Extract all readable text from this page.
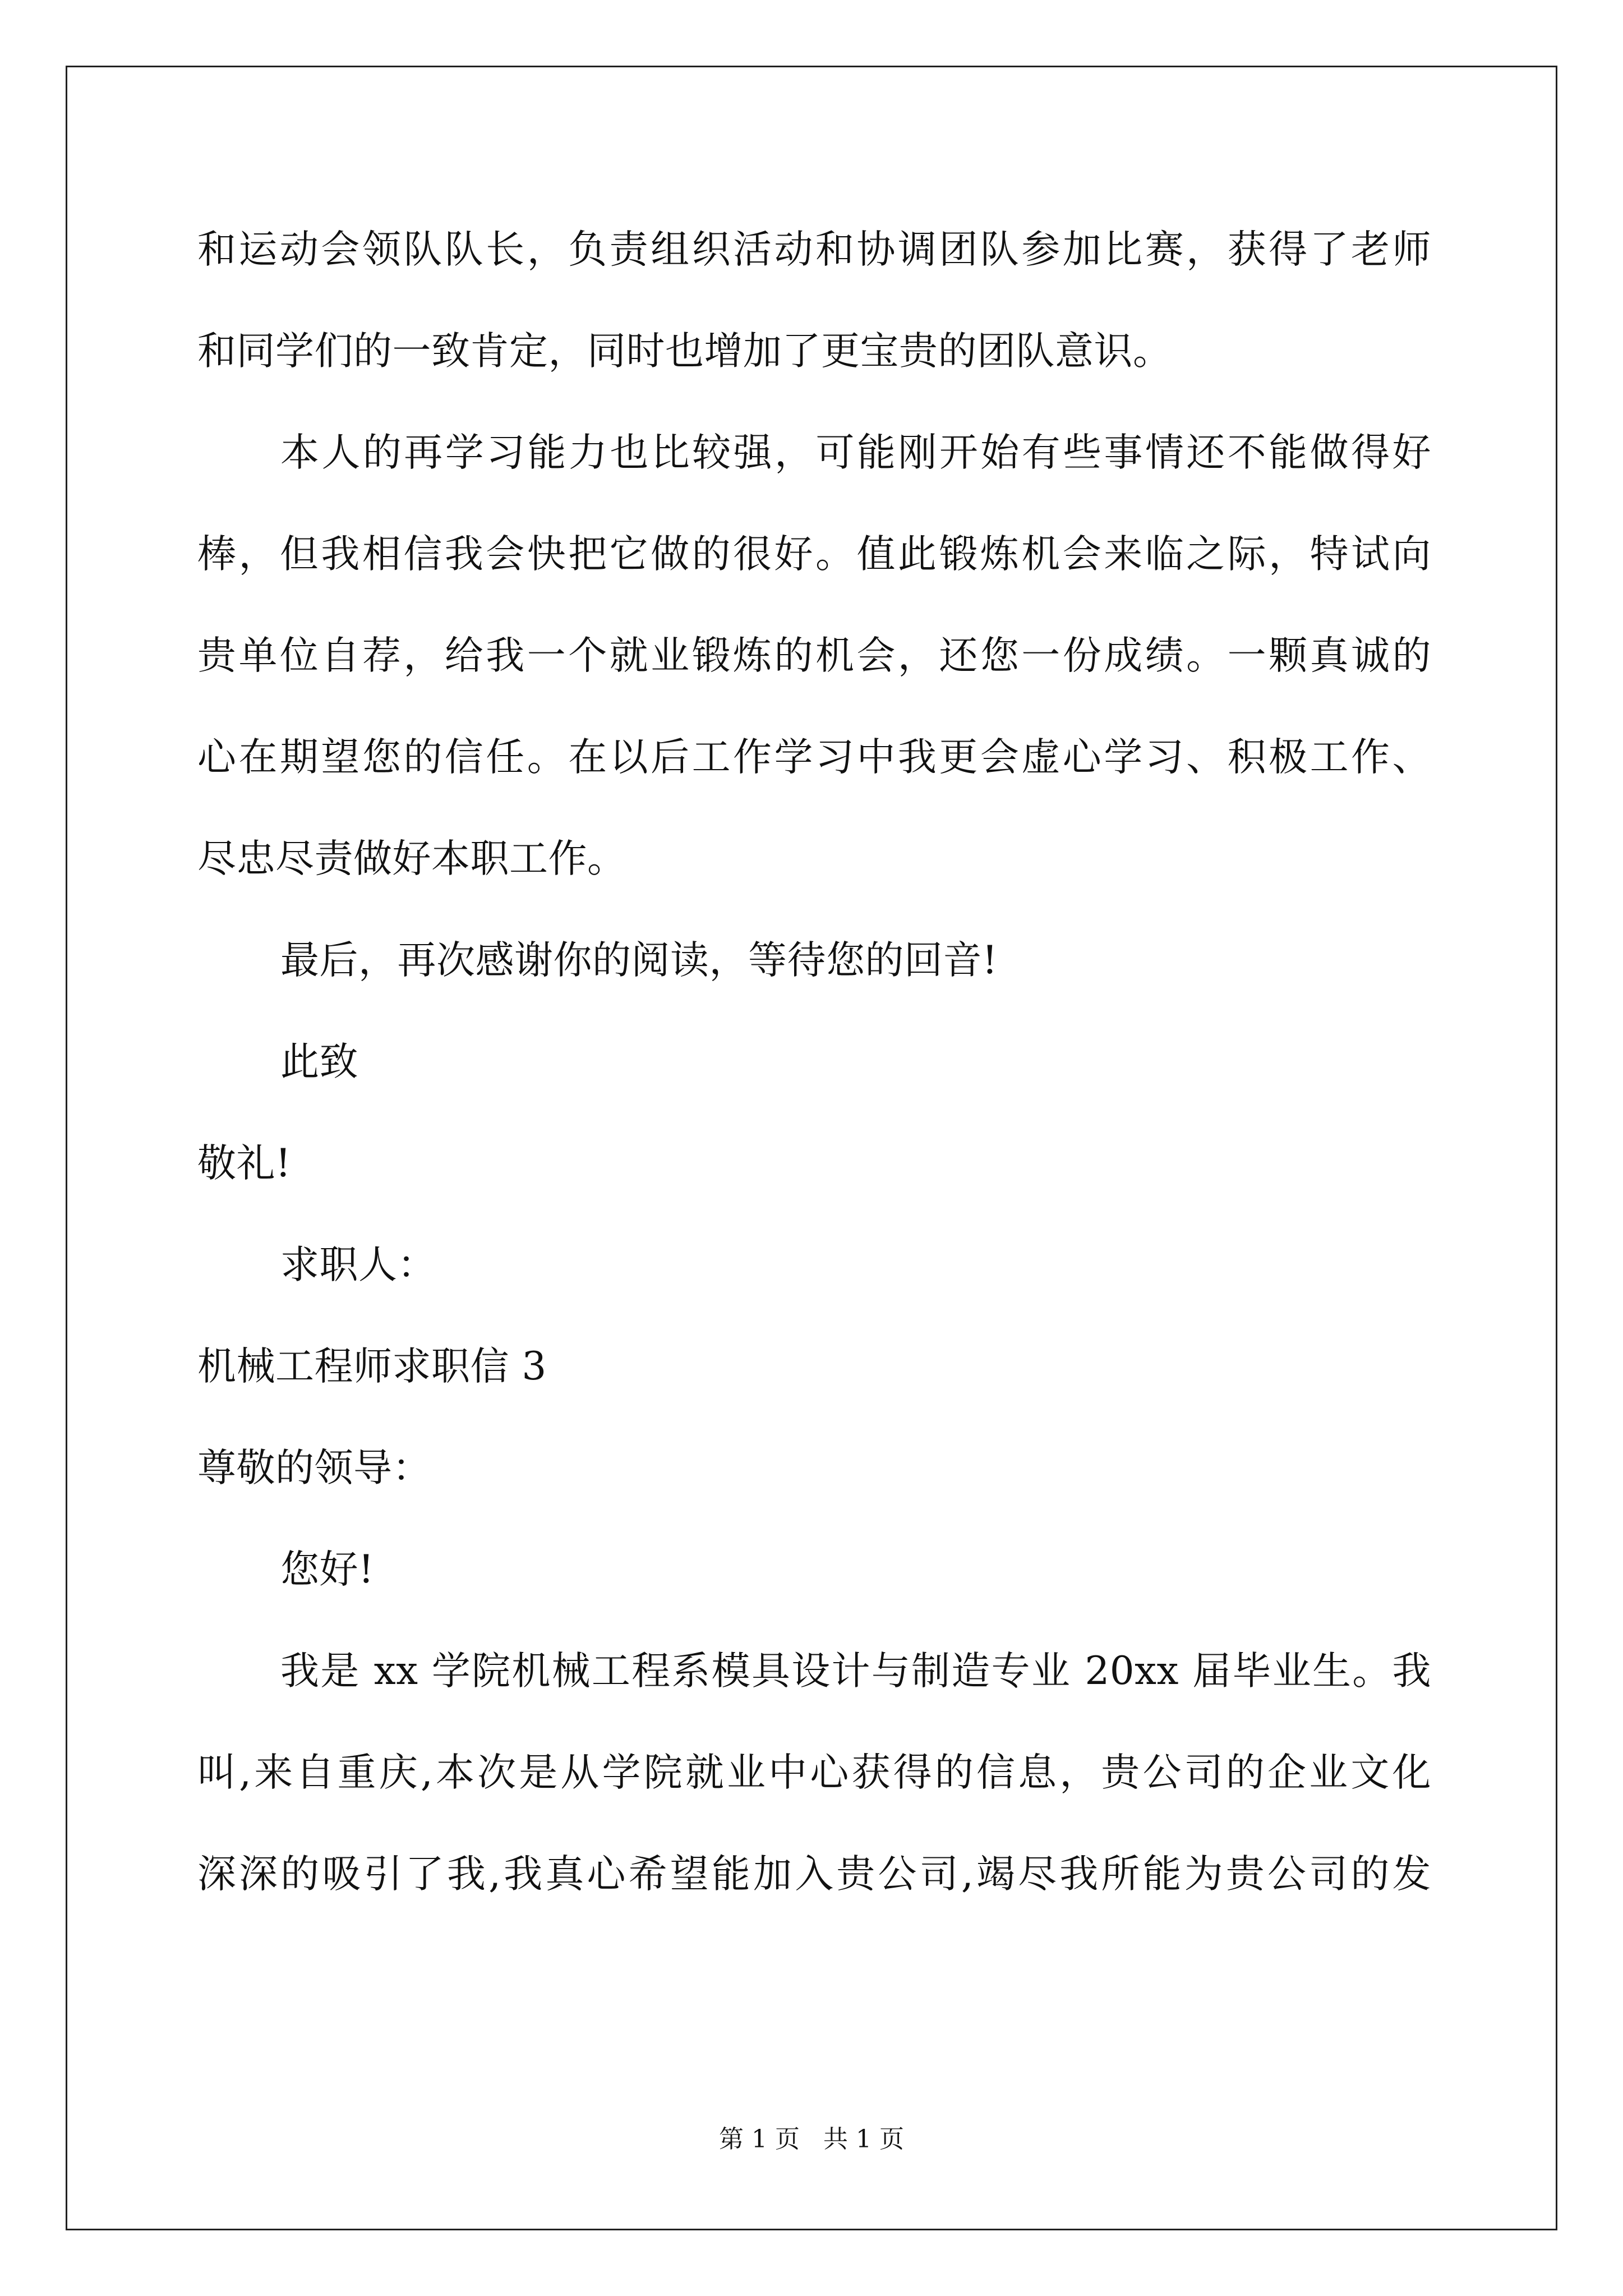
和运动会领队队长，负责组织活动和协调团队参加比赛，获得了老师
和同学们的一致肯定，同时也增加了更宝贵的团队意识。
本人的再学习能力也比较强，可能刚开始有些事情还不能做得好
棒，但我相信我会快把它做的很好。值此锻炼机会来临之际，特试向
贵单位自荐，给我一个就业锻炼的机会，还您一份成绩。一颗真诚的
心在期望您的信任。在以后工作学习中我更会虚心学习、积极工作、
尽忠尽责做好本职工作。
最后，再次感谢你的阅读，等待您的回音!
此致
敬礼!
求职人：
机械工程师求职信 3
尊敬的领导：
您好!
我是 xx 学院机械工程系模具设计与制造专业 20xx 届毕业生。我
叫,来自重庆,本次是从学院就业中心获得的信息，贵公司的企业文化
深深的吸引了我,我真心希望能加入贵公司,竭尽我所能为贵公司的发
第 1 页   共 1 页
